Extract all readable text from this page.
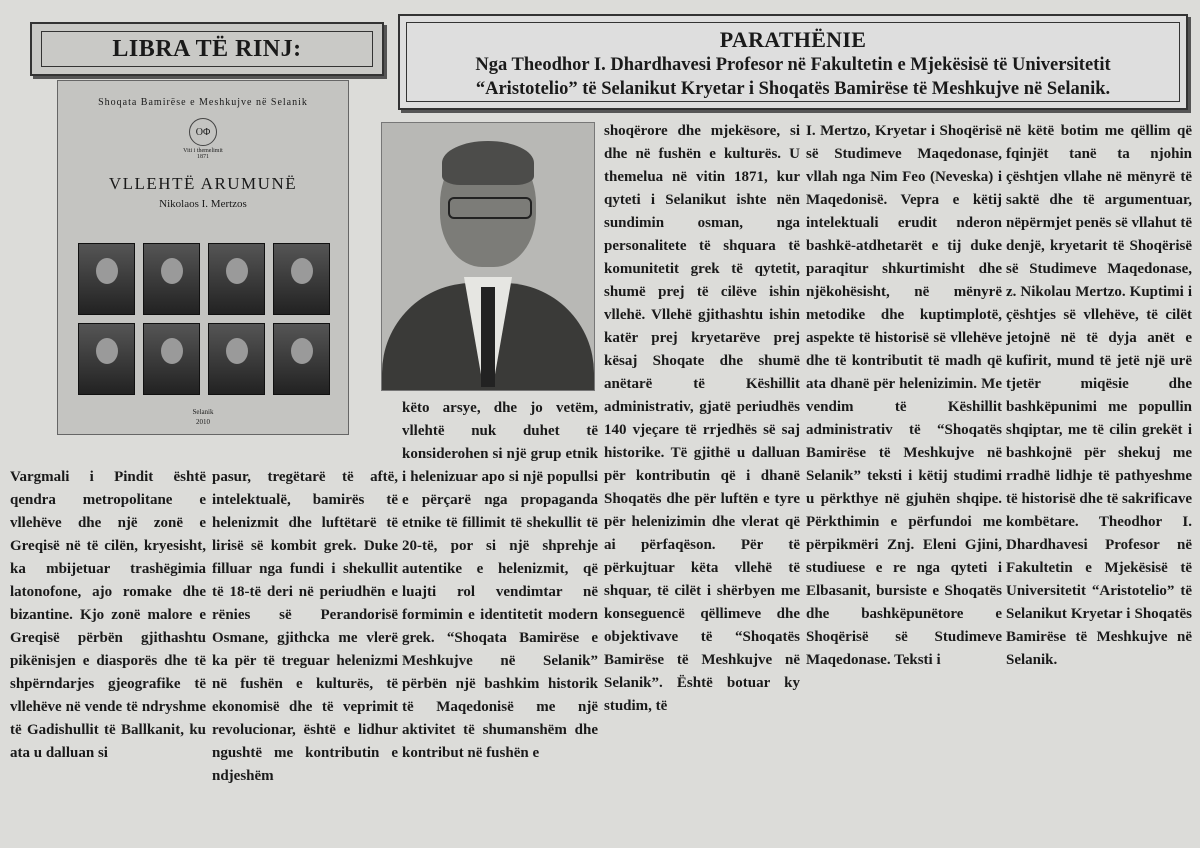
LIBRA TË RINJ:	PARATHËNIE
Nga Theodhor I. Dhardhavesi Profesor në Fakultetin e Mjekësisë të Universitetit
“Aristotelio” të Selanikut Kryetar i Shoqatës Bamirëse të Meshkujve në Selanik.
Shoqata Bamirëse e Meshkujve në Selanik
ΟΦ
Viti i themelimit
1871
VLLEHTË ARUMUNË
Nikolaos I. Mertzos
Selanik
2010

Vargmali i Pindit është qendra metropolitane e vllehëve dhe një zonë e Greqisë në të cilën, kryesisht, ka mbijetuar trashëgimia latonofone, ajo romake dhe bizantine. Kjo zonë malore e Greqisë përbën gjithashtu pikënisjen e diasporës dhe të shpërndarjes gjeografike të vllehëve në vende të ndryshme të Gadishullit të Ballkanit, ku ata u dalluan si

pasur, tregëtarë të aftë, intelektualë, bamirës të helenizmit dhe luftëtarë të lirisë së kombit grek. Duke filluar nga fundi i shekullit të 18-të deri në periudhën e rënies së Perandorisë Osmane, gjithcka me vlerë ka për të treguar helenizmi në fushën e kulturës, të ekonomisë dhe të veprimit revolucionar, është e lidhur ngushtë me kontributin e ndjeshëm

këto arsye, dhe jo vetëm, vllehtë nuk duhet të konsiderohen si një grup etnik i helenizuar apo si një popullsi e përçarë nga propaganda etnike të fillimit të shekullit të 20-të, por si një shprehje autentike e helenizmit, që luajti rol vendimtar në formimin e identitetit modern grek. “Shoqata Bamirëse e Meshkujve në Selanik” përbën një bashkim historik të Maqedonisë me një aktivitet të shumanshëm dhe kontribut në fushën e

shoqërore dhe mjekësore, si dhe në fushën e kulturës. U themelua në vitin 1871, kur qyteti i Selanikut ishte nën sundimin osman, nga personalitete të shquara të komunitetit grek të qytetit, shumë prej të cilëve ishin vllehë. Vllehë gjithashtu ishin katër prej kryetarëve prej kësaj Shoqate dhe shumë anëtarë të Këshillit administrativ, gjatë periudhës 140 vjeçare të rrjedhës së saj historike. Të gjithë u dalluan për kontributin që i dhanë Shoqatës dhe për luftën e tyre për helenizimin dhe vlerat që ai përfaqëson. Për të përkujtuar këta vllehë të shquar, të cilët i shërbyen me konseguencë qëllimeve dhe objektivave të “Shoqatës Bamirëse të Meshkujve në Selanik”. Është botuar ky studim, të

I. Mertzo, Kryetar i Shoqërisë së Studimeve Maqedonase, vllah nga Nim Feo (Neveska) i Maqedonisë. Vepra e këtij intelektuali erudit nderon bashkë-atdhetarët e tij duke paraqitur shkurtimisht dhe njëkohësisht, në mënyrë metodike dhe kuptimplotë, aspekte të historisë së vllehëve dhe të kontributit të madh që ata dhanë për helenizimin. Me vendim të Këshillit administrativ të “Shoqatës Bamirëse të Meshkujve në Selanik” teksti i këtij studimi u përkthye në gjuhën shqipe. Përkthimin e përfundoi me përpikmëri Znj. Eleni Gjini, studiuese e re nga qyteti i Elbasanit, bursiste e Shoqatës dhe bashkëpunëtore e Shoqërisë së Studimeve Maqedonase. Teksti i

në këtë botim me qëllim që fqinjët tanë ta njohin çështjen vllahe në mënyrë të saktë dhe të argumentuar, nëpërmjet penës së vllahut të denjë, kryetarit të Shoqërisë së Studimeve Maqedonase, z. Nikolau Mertzo. Kuptimi i çështjes së vllehëve, të cilët jetojnë në të dyja anët e kufirit, mund të jetë një urë tjetër miqësie dhe bashkëpunimi me popullin shqiptar, me të cilin grekët i bashkojnë për shekuj me rradhë lidhje të pathyeshme të historisë dhe të sakrificave kombëtare. Theodhor I. Dhardhavesi Profesor në Fakultetin e Mjekësisë të Universitetit “Aristotelio” të Selanikut Kryetar i Shoqatës Bamirëse të Meshkujve në Selanik.
